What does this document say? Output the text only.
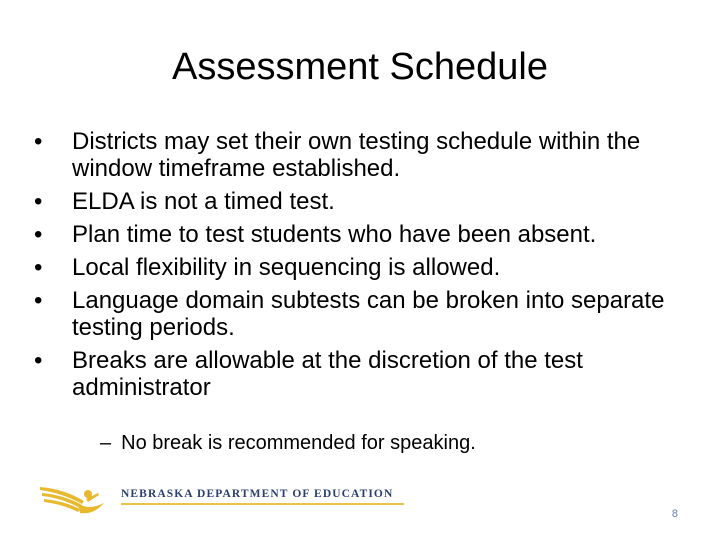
Assessment Schedule
• Districts may set their own testing schedule within the window timeframe established.
• ELDA is not a timed test.
• Plan time to test students who have been absent.
• Local flexibility in sequencing is allowed.
• Language domain subtests can be broken into separate testing periods.
• Breaks are allowable at the discretion of the test administrator
– No break is recommended for speaking.
NEBRASKA DEPARTMENT OF EDUCATION
8
